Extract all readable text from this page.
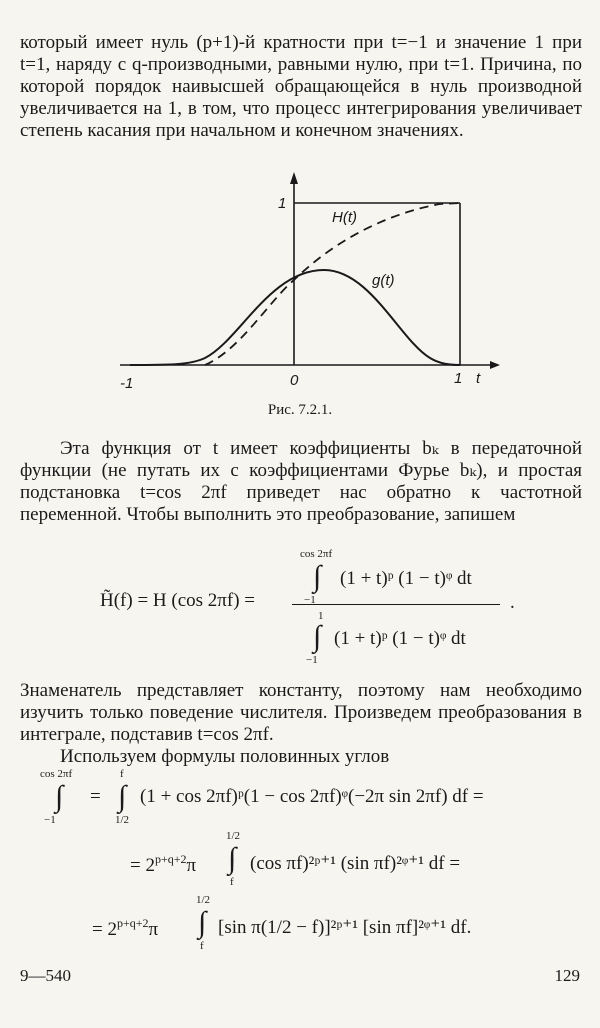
который имеет нуль (p+1)-й кратности при t=−1 и значение 1 при t=1, наряду с q-производными, равными нулю, при t=1. Причина, по которой порядок наивысшей обращающейся в нуль производной увеличивается на 1, в том, что процесс интегрирования увеличивает степень касания при начальном и конечном значениях.
H(t)
g(t)
1
-1	0	1 t
Рис. 7.2.1.
Эта функция от t имеет коэффициенты bₖ в передаточной функции (не путать их с коэффициентами Фурье bₖ), и простая подстановка t=cos 2πf приведет нас обратно к частотной переменной. Чтобы выполнить это преобразование, запишем
H̃(f) = H (cos 2πf) =
cos 2πf
∫
−1
(1 + t)ᵖ (1 − t)ᵠ dt
1
∫
−1
(1 + t)ᵖ (1 − t)ᵠ dt
.
Знаменатель представляет константу, поэтому нам необходимо изучить только поведение числителя. Произведем преобразования в интеграле, подставив t=cos 2πf.
Используем формулы половинных углов
cos 2πf
∫
−1
=
f
∫
1/2
(1 + cos 2πf)ᵖ(1 − cos 2πf)ᵠ(−2π sin 2πf) df =
= $2^{p+q+2}\pi$
1/2
∫
f
(cos πf)²ᵖ⁺¹ (sin πf)²ᵠ⁺¹ df =
= $2^{p+q+2}\pi$
1/2
∫
f
[sin π(1/2 − f)]²ᵖ⁺¹ [sin πf]²ᵠ⁺¹ df.
9—540	129
